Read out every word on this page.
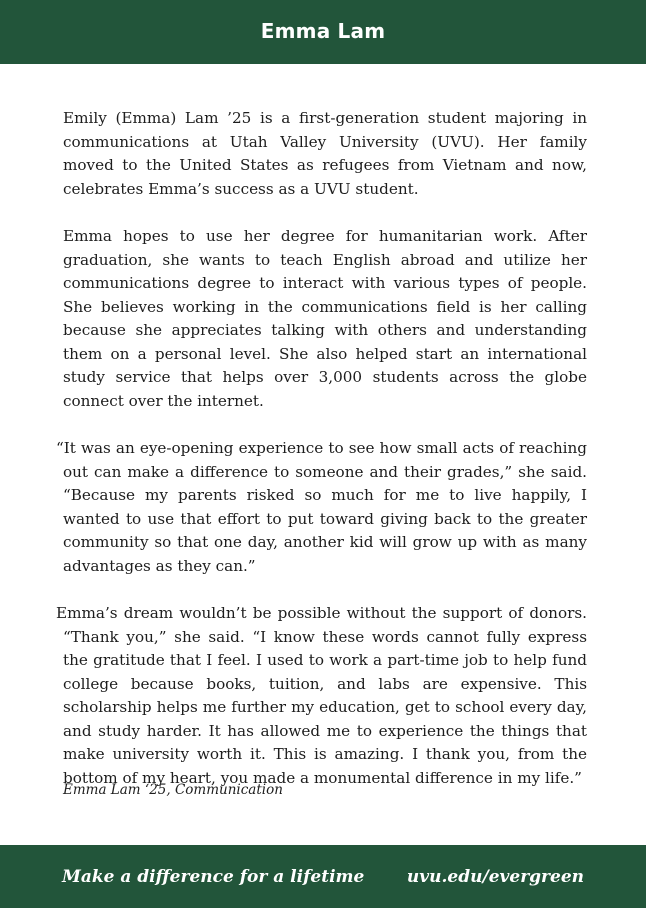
Emma Lam

Emily (Emma) Lam ’25 is a first-generation student majoring in communications at Utah Valley University (UVU). Her family moved to the United States as refugees from Vietnam and now, celebrates Emma’s success as a UVU student.

Emma hopes to use her degree for humanitarian work. After graduation, she wants to teach English abroad and utilize her communications degree to interact with various types of people. She believes working in the communications field is her calling because she appreciates talking with others and understanding them on a personal level. She also helped start an international study service that helps over 3,000 students across the globe connect over the internet.

“It was an eye-opening experience to see how small acts of reaching out can make a difference to someone and their grades,” she said. “Because my parents risked so much for me to live happily, I wanted to use that effort to put toward giving back to the greater community so that one day, another kid will grow up with as many advantages as they can.”

Emma’s dream wouldn’t be possible without the support of donors. “Thank you,” she said. “I know these words cannot fully express the gratitude that I feel. I used to work a part-time job to help fund college because books, tuition, and labs are expensive. This scholarship helps me further my education, get to school every day, and study harder. It has allowed me to experience the things that make university worth it. This is amazing. I thank you, from the bottom of my heart, you made a monumental difference in my life.”

Emma Lam ‘25, Communication

Make a difference for a lifetime	uvu.edu/evergreen
